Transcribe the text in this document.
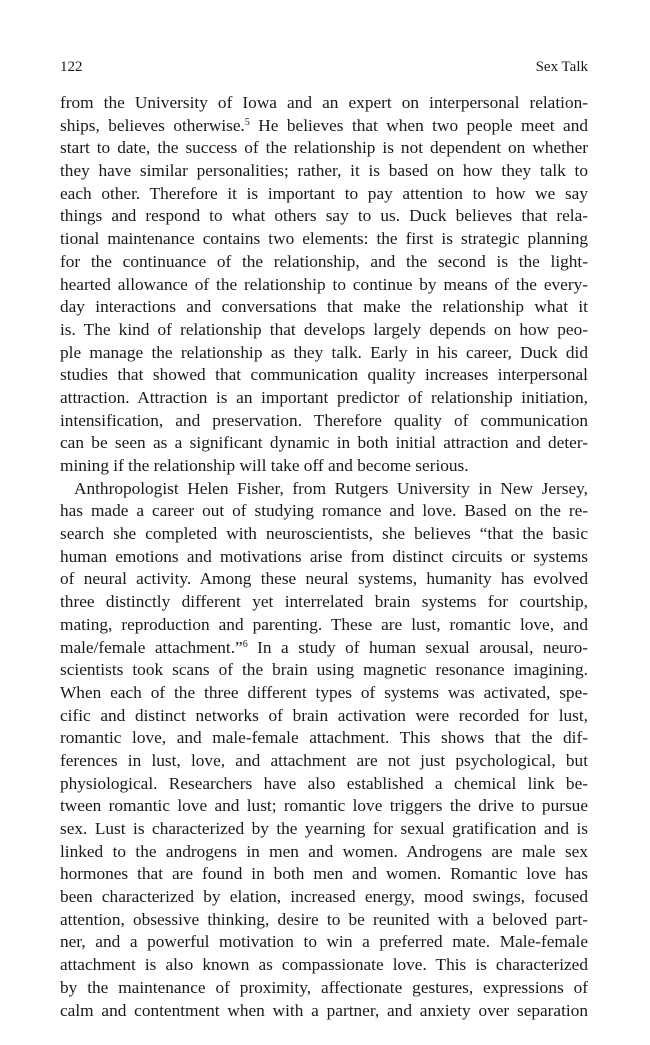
122	Sex Talk
from the University of Iowa and an expert on interpersonal relation-
ships, believes otherwise.$^5$ He believes that when two people meet and
start to date, the success of the relationship is not dependent on whether
they have similar personalities; rather, it is based on how they talk to
each other. Therefore it is important to pay attention to how we say
things and respond to what others say to us. Duck believes that rela-
tional maintenance contains two elements: the first is strategic planning
for the continuance of the relationship, and the second is the light-
hearted allowance of the relationship to continue by means of the every-
day interactions and conversations that make the relationship what it
is. The kind of relationship that develops largely depends on how peo-
ple manage the relationship as they talk. Early in his career, Duck did
studies that showed that communication quality increases interpersonal
attraction. Attraction is an important predictor of relationship initiation,
intensification, and preservation. Therefore quality of communication
can be seen as a significant dynamic in both initial attraction and deter-
mining if the relationship will take off and become serious.
Anthropologist Helen Fisher, from Rutgers University in New Jersey,
has made a career out of studying romance and love. Based on the re-
search she completed with neuroscientists, she believes “that the basic
human emotions and motivations arise from distinct circuits or systems
of neural activity. Among these neural systems, humanity has evolved
three distinctly different yet interrelated brain systems for courtship,
mating, reproduction and parenting. These are lust, romantic love, and
male/female attachment.”$^6$ In a study of human sexual arousal, neuro-
scientists took scans of the brain using magnetic resonance imagining.
When each of the three different types of systems was activated, spe-
cific and distinct networks of brain activation were recorded for lust,
romantic love, and male-female attachment. This shows that the dif-
ferences in lust, love, and attachment are not just psychological, but
physiological. Researchers have also established a chemical link be-
tween romantic love and lust; romantic love triggers the drive to pursue
sex. Lust is characterized by the yearning for sexual gratification and is
linked to the androgens in men and women. Androgens are male sex
hormones that are found in both men and women. Romantic love has
been characterized by elation, increased energy, mood swings, focused
attention, obsessive thinking, desire to be reunited with a beloved part-
ner, and a powerful motivation to win a preferred mate. Male-female
attachment is also known as compassionate love. This is characterized
by the maintenance of proximity, affectionate gestures, expressions of
calm and contentment when with a partner, and anxiety over separation
